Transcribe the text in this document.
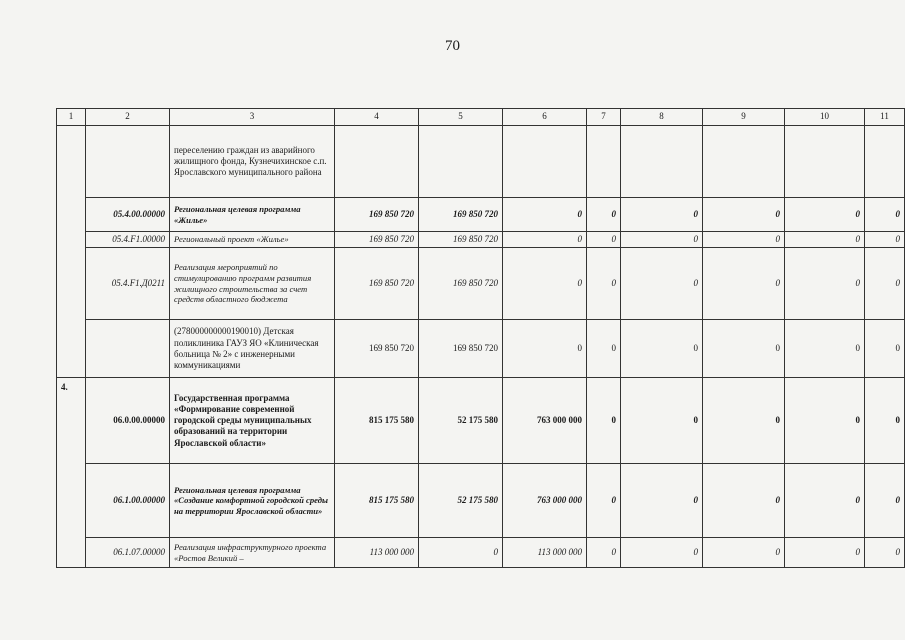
70
1	2	3	4	5	6	7	8	9	10	11
		переселению граждан из аварийного жилищного фонда, Кузнечихинское с.п. Ярославского муниципального района								
	05.4.00.00000	Региональная целевая программа «Жилье»	169 850 720	169 850 720	0	0	0	0	0	0
	05.4.F1.00000	Региональный проект «Жилье»	169 850 720	169 850 720	0	0	0	0	0	0
	05.4.F1.Д0211	Реализация мероприятий по стимулированию программ развития жилищного строительства за счет средств областного бюджета	169 850 720	169 850 720	0	0	0	0	0	0
		(278000000000190010) Детская поликлиника ГАУЗ ЯО «Клиническая больница № 2» с инженерными коммуникациями	169 850 720	169 850 720	0	0	0	0	0	0
4.	06.0.00.00000	Государственная программа «Формирование современной городской среды муниципальных образований на территории Ярославской области»	815 175 580	52 175 580	763 000 000	0	0	0	0	0
	06.1.00.00000	Региональная целевая программа «Создание комфортной городской среды на территории Ярославской области»	815 175 580	52 175 580	763 000 000	0	0	0	0	0
	06.1.07.00000	Реализация инфраструктурного проекта «Ростов Великий –	113 000 000	0	113 000 000	0	0	0	0	0
